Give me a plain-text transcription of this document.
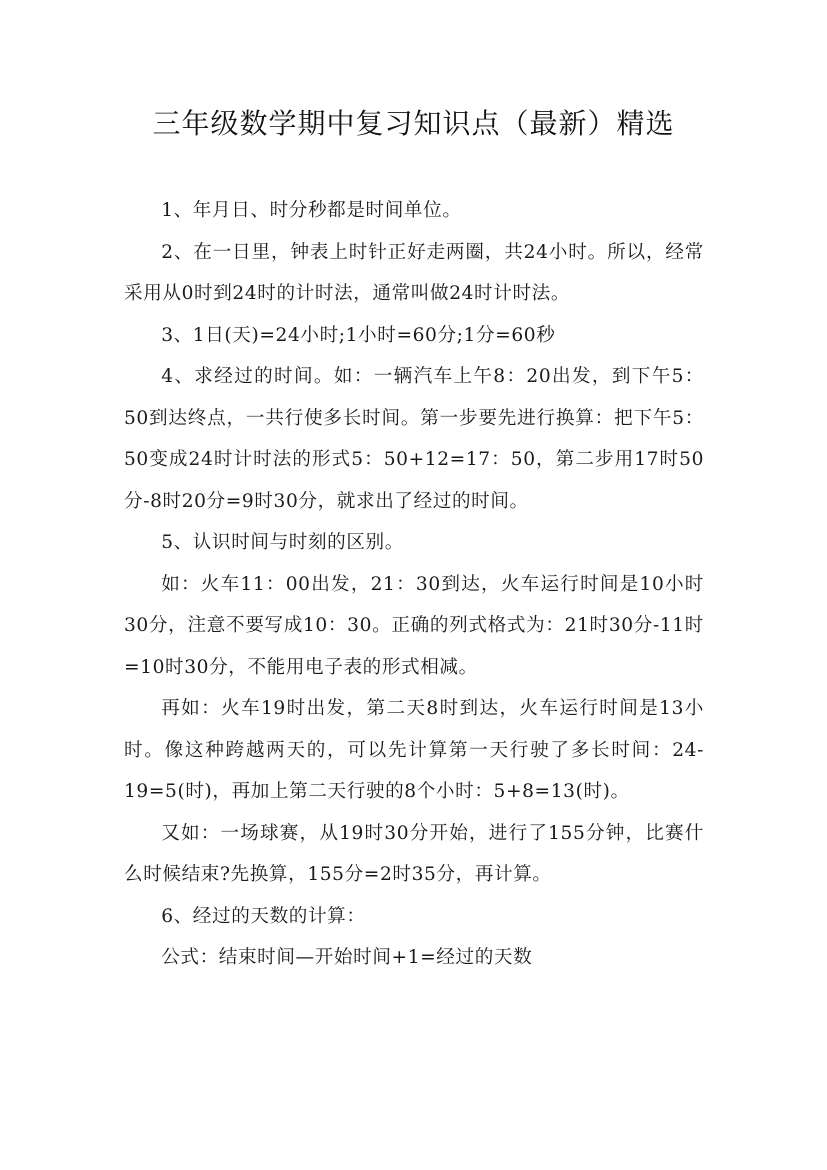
三年级数学期中复习知识点（最新）精选

1、年月日、时分秒都是时间单位。

2、在一日里，钟表上时针正好走两圈，共24小时。所以，经常采用从0时到24时的计时法，通常叫做24时计时法。

3、1日(天)=24小时;1小时=60分;1分=60秒

4、求经过的时间。如：一辆汽车上午8：20出发，到下午5：50到达终点，一共行使多长时间。第一步要先进行换算：把下午5：50变成24时计时法的形式5：50+12=17：50，第二步用17时50分-8时20分=9时30分，就求出了经过的时间。

5、认识时间与时刻的区别。

如：火车11：00出发，21：30到达，火车运行时间是10小时30分，注意不要写成10：30。正确的列式格式为：21时30分-11时=10时30分，不能用电子表的形式相减。

再如：火车19时出发，第二天8时到达，火车运行时间是13小时。像这种跨越两天的，可以先计算第一天行驶了多长时间：24-19=5(时)，再加上第二天行驶的8个小时：5+8=13(时)。

又如：一场球赛，从19时30分开始，进行了155分钟，比赛什么时候结束?先换算，155分=2时35分，再计算。

6、经过的天数的计算：

公式：结束时间—开始时间+1=经过的天数
